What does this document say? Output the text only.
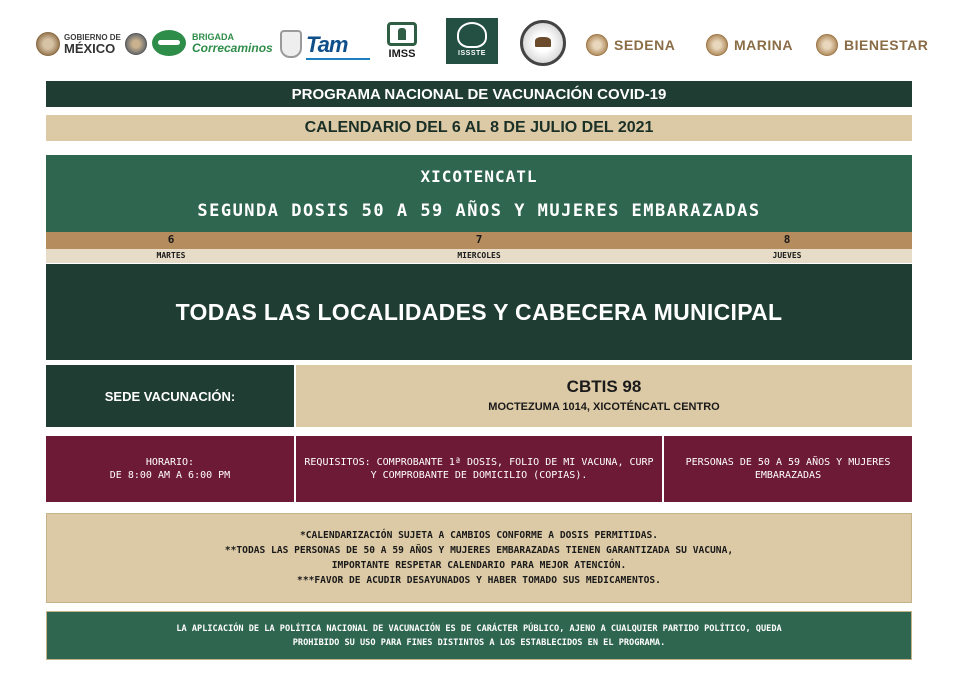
GOBIERNO DE
MÉXICO
BRIGADA
Correcaminos Tam	IMSS	ISSSTE
SEDENA	MARINA	BIENESTAR
PROGRAMA NACIONAL DE VACUNACIÓN COVID-19
CALENDARIO DEL 6 AL 8 DE JULIO DEL 2021
XICOTENCATL
SEGUNDA DOSIS 50 A 59 AÑOS Y MUJERES EMBARAZADAS
6	7	8
MARTES	MIERCOLES	JUEVES
TODAS LAS LOCALIDADES Y CABECERA MUNICIPAL
SEDE VACUNACIÓN:	CBTIS 98
MOCTEZUMA 1014, XICOTÉNCATL CENTRO
HORARIO:
DE 8:00 AM A 6:00 PM
REQUISITOS: COMPROBANTE 1ª DOSIS, FOLIO DE MI VACUNA, CURP Y COMPROBANTE DE DOMICILIO (COPIAS).
PERSONAS DE 50 A 59 AÑOS Y MUJERES EMBARAZADAS
*CALENDARIZACIÓN SUJETA A CAMBIOS CONFORME A DOSIS PERMITIDAS.
**TODAS LAS PERSONAS DE 50 A 59 AÑOS Y MUJERES EMBARAZADAS TIENEN GARANTIZADA SU VACUNA,
IMPORTANTE RESPETAR CALENDARIO PARA MEJOR ATENCIÓN.
***FAVOR DE ACUDIR DESAYUNADOS Y HABER TOMADO SUS MEDICAMENTOS.
LA APLICACIÓN DE LA POLÍTICA NACIONAL DE VACUNACIÓN ES DE CARÁCTER PÚBLICO, AJENO A CUALQUIER PARTIDO POLÍTICO, QUEDA
PROHIBIDO SU USO PARA FINES DISTINTOS A LOS ESTABLECIDOS EN EL PROGRAMA.
